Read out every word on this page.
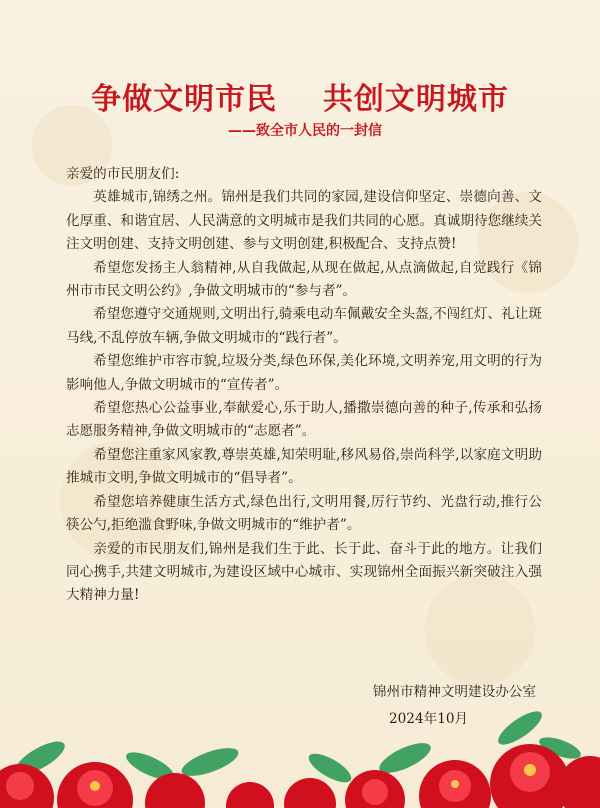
争做文明市民    共创文明城市
——致全市人民的一封信

亲爱的市民朋友们:

英雄城市,锦绣之州。锦州是我们共同的家园,建设信仰坚定、崇德向善、文化厚重、和谐宜居、人民满意的文明城市是我们共同的心愿。真诚期待您继续关注文明创建、支持文明创建、参与文明创建,积极配合、支持点赞!

希望您发扬主人翁精神,从自我做起,从现在做起,从点滴做起,自觉践行《锦州市市民文明公约》,争做文明城市的“参与者”。

希望您遵守交通规则,文明出行,骑乘电动车佩戴安全头盔,不闯红灯、礼让斑马线,不乱停放车辆,争做文明城市的“践行者”。

希望您维护市容市貌,垃圾分类,绿色环保,美化环境,文明养宠,用文明的行为影响他人,争做文明城市的“宣传者”。

希望您热心公益事业,奉献爱心,乐于助人,播撒崇德向善的种子,传承和弘扬志愿服务精神,争做文明城市的“志愿者”。

希望您注重家风家教,尊崇英雄,知荣明耻,移风易俗,崇尚科学,以家庭文明助推城市文明,争做文明城市的“倡导者”。

希望您培养健康生活方式,绿色出行,文明用餐,厉行节约、光盘行动,推行公筷公勺,拒绝滥食野味,争做文明城市的“维护者”。

亲爱的市民朋友们,锦州是我们生于此、长于此、奋斗于此的地方。让我们同心携手,共建文明城市,为建设区域中心城市、实现锦州全面振兴新突破注入强大精神力量!

锦州市精神文明建设办公室
2024年10月
